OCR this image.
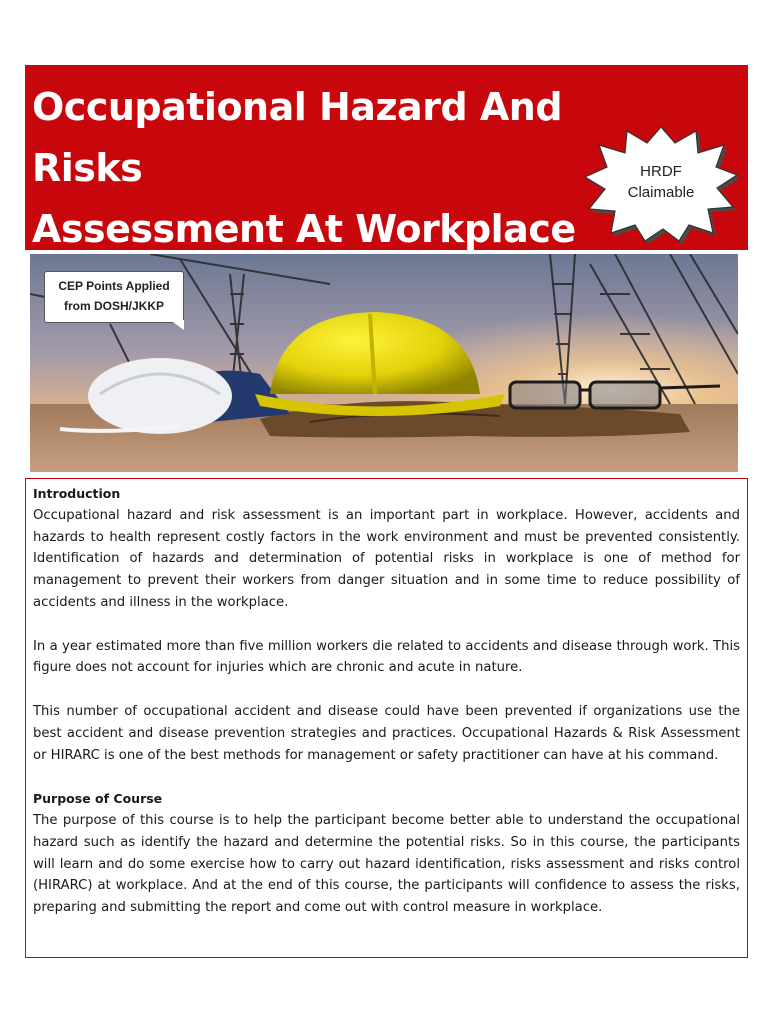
Occupational Hazard And Risks
Assessment At Workplace
HRDF
Claimable
CEP Points Applied
from DOSH/JKKP

Introduction

Occupational hazard and risk assessment is an important part in workplace. However, accidents and hazards to health represent costly factors in the work environment and must be prevented consistently. Identification of hazards and determination of potential risks in workplace is one of method for management to prevent their workers from danger situation and in some time to reduce possibility of accidents and illness in the workplace.

In a year estimated more than five million workers die related to accidents and disease through work. This figure does not account for injuries which are chronic and acute in nature.

This number of occupational accident and disease could have been prevented if organizations use the best accident and disease prevention strategies and practices. Occupational Hazards & Risk Assessment or HIRARC is one of the best methods for management or safety practitioner can have at his command.

Purpose of Course

The purpose of this course is to help the participant become better able to understand the occupational hazard such as identify the hazard and determine the potential risks. So in this course, the participants will learn and do some exercise how to carry out hazard identification, risks assessment and risks control (HIRARC) at workplace. And at the end of this course, the participants will confidence to assess the risks, preparing and submitting the report and come out with control measure in workplace.
